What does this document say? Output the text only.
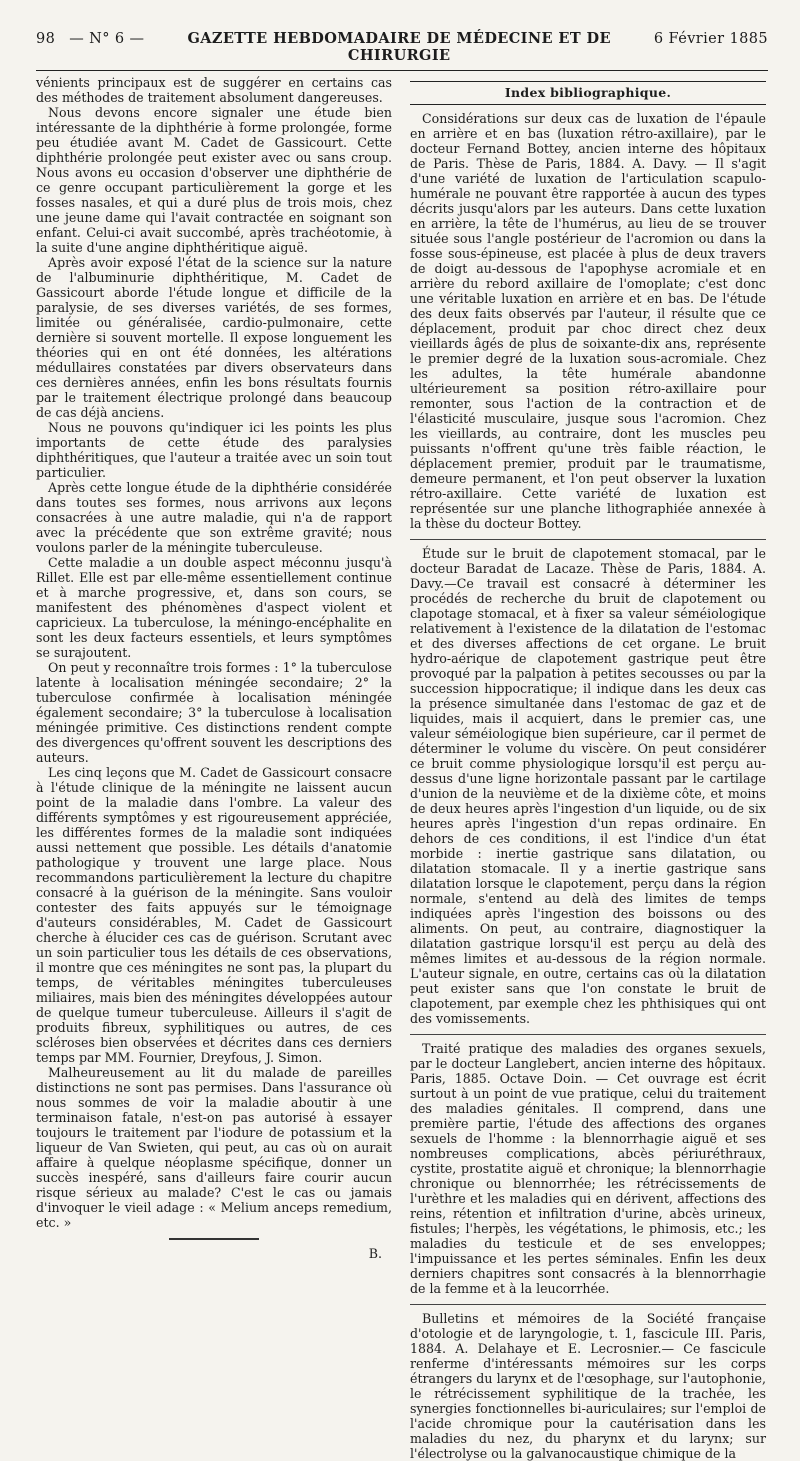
98 — N° 6 —	GAZETTE HEBDOMADAIRE DE MÉDECINE ET DE CHIRURGIE
6 Février 1885

vénients principaux est de suggérer en certains cas des méthodes de traitement absolument dangereuses.

Nous devons encore signaler une étude bien intéressante de la diphthérie à forme prolongée, forme peu étudiée avant M. Cadet de Gassicourt. Cette diphthérie prolongée peut exister avec ou sans croup. Nous avons eu occasion d'observer une diphthérie de ce genre occupant particulièrement la gorge et les fosses nasales, et qui a duré plus de trois mois, chez une jeune dame qui l'avait contractée en soignant son enfant. Celui-ci avait succombé, après trachéotomie, à la suite d'une angine diphthéritique aiguë.

Après avoir exposé l'état de la science sur la nature de l'albuminurie diphthéritique, M. Cadet de Gassicourt aborde l'étude longue et difficile de la paralysie, de ses diverses variétés, de ses formes, limitée ou généralisée, cardio-pulmonaire, cette dernière si souvent mortelle. Il expose longuement les théories qui en ont été données, les altérations médullaires constatées par divers observateurs dans ces dernières années, enfin les bons résultats fournis par le traitement électrique prolongé dans beaucoup de cas déjà anciens.

Nous ne pouvons qu'indiquer ici les points les plus importants de cette étude des paralysies diphthéritiques, que l'auteur a traitée avec un soin tout particulier.

Après cette longue étude de la diphthérie considérée dans toutes ses formes, nous arrivons aux leçons consacrées à une autre maladie, qui n'a de rapport avec la précédente que son extrême gravité; nous voulons parler de la méningite tuberculeuse.

Cette maladie a un double aspect méconnu jusqu'à Rillet. Elle est par elle-même essentiellement continue et à marche progressive, et, dans son cours, se manifestent des phénomènes d'aspect violent et capricieux. La tuberculose, la méningo-encéphalite en sont les deux facteurs essentiels, et leurs symptômes se surajoutent.

On peut y reconnaître trois formes : 1° la tuberculose latente à localisation méningée secondaire; 2° la tuberculose confirmée à localisation méningée également secondaire; 3° la tuberculose à localisation méningée primitive. Ces distinctions rendent compte des divergences qu'offrent souvent les descriptions des auteurs.

Les cinq leçons que M. Cadet de Gassicourt consacre à l'étude clinique de la méningite ne laissent aucun point de la maladie dans l'ombre. La valeur des différents symptômes y est rigoureusement appréciée, les différentes formes de la maladie sont indiquées aussi nettement que possible. Les détails d'anatomie pathologique y trouvent une large place. Nous recommandons particulièrement la lecture du chapitre consacré à la guérison de la méningite. Sans vouloir contester des faits appuyés sur le témoignage d'auteurs considérables, M. Cadet de Gassicourt cherche à élucider ces cas de guérison. Scrutant avec un soin particulier tous les détails de ces observations, il montre que ces méningites ne sont pas, la plupart du temps, de véritables méningites tuberculeuses miliaires, mais bien des méningites développées autour de quelque tumeur tuberculeuse. Ailleurs il s'agit de produits fibreux, syphilitiques ou autres, de ces scléroses bien observées et décrites dans ces derniers temps par MM. Fournier, Dreyfous, J. Simon.

Malheureusement au lit du malade de pareilles distinctions ne sont pas permises. Dans l'assurance où nous sommes de voir la maladie aboutir à une terminaison fatale, n'est-on pas autorisé à essayer toujours le traitement par l'iodure de potassium et la liqueur de Van Swieten, qui peut, au cas où on aurait affaire à quelque néoplasme spécifique, donner un succès inespéré, sans d'ailleurs faire courir aucun risque sérieux au malade? C'est le cas ou jamais d'invoquer le vieil adage : « Melium anceps remedium, etc. »

B.

Index bibliographique.

Considérations sur deux cas de luxation de l'épaule en arrière et en bas (luxation rétro-axillaire), par le docteur Fernand Bottey, ancien interne des hôpitaux de Paris. Thèse de Paris, 1884. A. Davy. — Il s'agit d'une variété de luxation de l'articulation scapulo-humérale ne pouvant être rapportée à aucun des types décrits jusqu'alors par les auteurs. Dans cette luxation en arrière, la tête de l'humérus, au lieu de se trouver située sous l'angle postérieur de l'acromion ou dans la fosse sous-épineuse, est placée à plus de deux travers de doigt au-dessous de l'apophyse acromiale et en arrière du rebord axillaire de l'omoplate; c'est donc une véritable luxation en arrière et en bas. De l'étude des deux faits observés par l'auteur, il résulte que ce déplacement, produit par choc direct chez deux vieillards âgés de plus de soixante-dix ans, représente le premier degré de la luxation sous-acromiale. Chez les adultes, la tête humérale abandonne ultérieurement sa position rétro-axillaire pour remonter, sous l'action de la contraction et de l'élasticité musculaire, jusque sous l'acromion. Chez les vieillards, au contraire, dont les muscles peu puissants n'offrent qu'une très faible réaction, le déplacement premier, produit par le traumatisme, demeure permanent, et l'on peut observer la luxation rétro-axillaire. Cette variété de luxation est représentée sur une planche lithographiée annexée à la thèse du docteur Bottey.

Étude sur le bruit de clapotement stomacal, par le docteur Baradat de Lacaze. Thèse de Paris, 1884. A. Davy.—Ce travail est consacré à déterminer les procédés de recherche du bruit de clapotement ou clapotage stomacal, et à fixer sa valeur séméiologique relativement à l'existence de la dilatation de l'estomac et des diverses affections de cet organe. Le bruit hydro-aérique de clapotement gastrique peut être provoqué par la palpation à petites secousses ou par la succession hippocratique; il indique dans les deux cas la présence simultanée dans l'estomac de gaz et de liquides, mais il acquiert, dans le premier cas, une valeur séméiologique bien supérieure, car il permet de déterminer le volume du viscère. On peut considérer ce bruit comme physiologique lorsqu'il est perçu au-dessus d'une ligne horizontale passant par le cartilage d'union de la neuvième et de la dixième côte, et moins de deux heures après l'ingestion d'un liquide, ou de six heures après l'ingestion d'un repas ordinaire. En dehors de ces conditions, il est l'indice d'un état morbide : inertie gastrique sans dilatation, ou dilatation stomacale. Il y a inertie gastrique sans dilatation lorsque le clapotement, perçu dans la région normale, s'entend au delà des limites de temps indiquées après l'ingestion des boissons ou des aliments. On peut, au contraire, diagnostiquer la dilatation gastrique lorsqu'il est perçu au delà des mêmes limites et au-dessous de la région normale. L'auteur signale, en outre, certains cas où la dilatation peut exister sans que l'on constate le bruit de clapotement, par exemple chez les phthisiques qui ont des vomissements.

Traité pratique des maladies des organes sexuels, par le docteur Langlebert, ancien interne des hôpitaux. Paris, 1885. Octave Doin. — Cet ouvrage est écrit surtout à un point de vue pratique, celui du traitement des maladies génitales. Il comprend, dans une première partie, l'étude des affections des organes sexuels de l'homme : la blennorrhagie aiguë et ses nombreuses complications, abcès périuréthraux, cystite, prostatite aiguë et chronique; la blennorrhagie chronique ou blennorrhée; les rétrécissements de l'urèthre et les maladies qui en dérivent, affections des reins, rétention et infiltration d'urine, abcès urineux, fistules; l'herpès, les végétations, le phimosis, etc.; les maladies du testicule et de ses enveloppes; l'impuissance et les pertes séminales. Enfin les deux derniers chapitres sont consacrés à la blennorrhagie de la femme et à la leucorrhée.

Bulletins et mémoires de la Société française d'otologie et de laryngologie, t. 1, fascicule III. Paris, 1884. A. Delahaye et E. Lecrosnier.— Ce fascicule renferme d'intéressants mémoires sur les corps étrangers du larynx et de l'œsophage, sur l'autophonie, le rétrécissement syphilitique de la trachée, les synergies fonctionnelles bi-auriculaires; sur l'emploi de l'acide chromique pour la cautérisation dans les maladies du nez, du pharynx et du larynx; sur l'électrolyse ou la galvanocaustique chimique de la
